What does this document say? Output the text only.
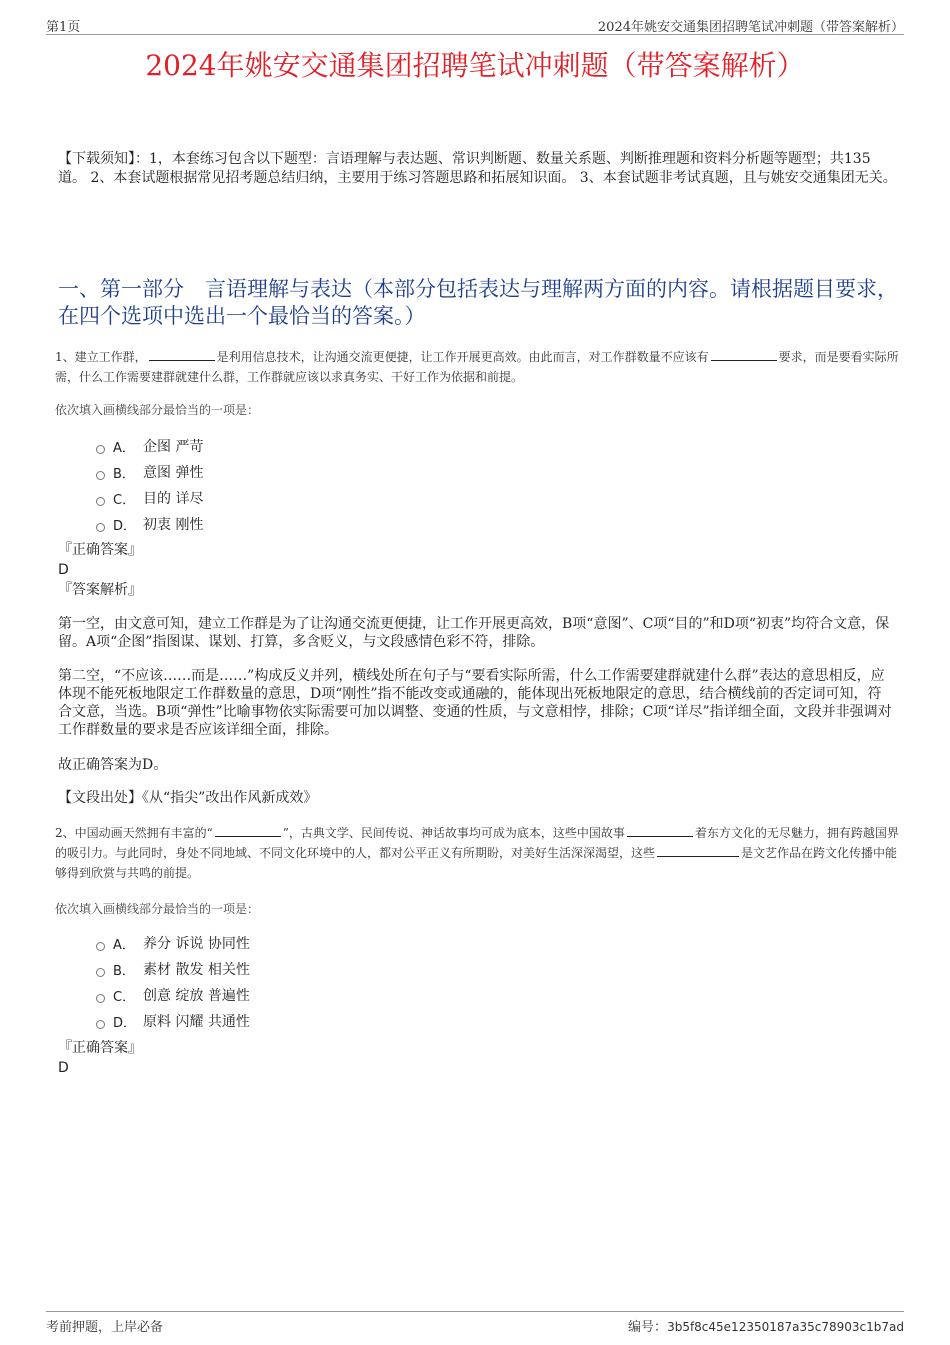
第1页	2024年姚安交通集团招聘笔试冲刺题（带答案解析）
2024年姚安交通集团招聘笔试冲刺题（带答案解析）
【下载须知】：1，本套练习包含以下题型：言语理解与表达题、常识判断题、数量关系题、判断推理题和资料分析题等题型；共135道。 2、本套试题根据常见招考题总结归纳，主要用于练习答题思路和拓展知识面。 3、本套试题非考试真题，且与姚安交通集团无关。
一、第一部分　言语理解与表达（本部分包括表达与理解两方面的内容。请根据题目要求，在四个选项中选出一个最恰当的答案。）
1、建立工作群，	是利用信息技术，让沟通交流更便捷，让工作开展更高效。由此而言，对工作群数量不应该有	要求，而是要看实际所需，什么工作需要建群就建什么群，工作群就应该以求真务实、干好工作为依据和前提。
依次填入画横线部分最恰当的一项是：
A． 企图 严苛
B． 意图 弹性
C． 目的 详尽
D． 初衷 刚性
『正确答案』
D
『答案解析』
第一空，由文意可知，建立工作群是为了让沟通交流更便捷，让工作开展更高效，B项“意图”、C项“目的”和D项“初衷”均符合文意，保留。A项“企图”指图谋、谋划、打算，多含贬义，与文段感情色彩不符，排除。
第二空，“不应该……而是……”构成反义并列，横线处所在句子与“要看实际所需，什么工作需要建群就建什么群”表达的意思相反，应体现不能死板地限定工作群数量的意思，D项“刚性”指不能改变或通融的，能体现出死板地限定的意思，结合横线前的否定词可知，符合文意，当选。B项“弹性”比喻事物依实际需要可加以调整、变通的性质，与文意相悖，排除；C项“详尽”指详细全面，文段并非强调对工作群数量的要求是否应该详细全面，排除。
故正确答案为D。
【文段出处】《从“指尖”改出作风新成效》
2、中国动画天然拥有丰富的“	”，古典文学、民间传说、神话故事均可成为底本，这些中国故事	着东方文化的无尽魅力，拥有跨越国界的吸引力。与此同时，身处不同地域、不同文化环境中的人，都对公平正义有所期盼，对美好生活深深渴望，这些	是文艺作品在跨文化传播中能够得到欣赏与共鸣的前提。
依次填入画横线部分最恰当的一项是：
A． 养分 诉说 协同性
B． 素材 散发 相关性
C． 创意 绽放 普遍性
D． 原料 闪耀 共通性
『正确答案』
D
考前押题，上岸必备	编号：3b5f8c45e12350187a35c78903c1b7ad
